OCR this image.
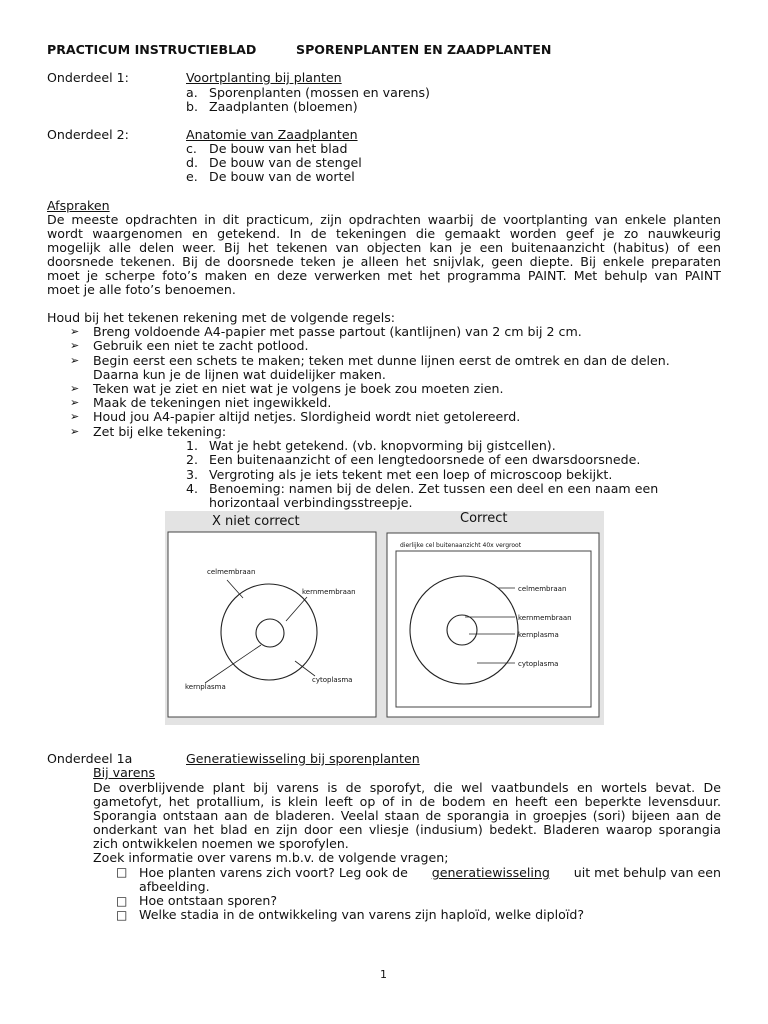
PRACTICUM INSTRUCTIEBLAD	SPORENPLANTEN EN ZAADPLANTEN
Onderdeel 1:	Voortplanting bij planten
a. Sporenplanten (mossen en varens)
b. Zaadplanten (bloemen)
Onderdeel 2:	Anatomie van Zaadplanten
c. De bouw van het blad
d. De bouw van de stengel
e. De bouw van de wortel
Afspraken
De meeste opdrachten in dit practicum, zijn opdrachten waarbij de voortplanting van enkele planten
wordt waargenomen en getekend. In de tekeningen die gemaakt worden geef je zo nauwkeurig
mogelijk alle delen weer. Bij het tekenen van objecten kan je een buitenaanzicht (habitus) of een
doorsnede tekenen. Bij de doorsnede teken je alleen het snijvlak, geen diepte. Bij enkele preparaten
moet je scherpe foto’s maken en deze verwerken met het programma PAINT. Met behulp van PAINT
moet je alle foto’s benoemen.
Houd bij het tekenen rekening met de volgende regels:
➢ Breng voldoende A4-papier met passe partout (kantlijnen) van 2 cm bij 2 cm.
➢ Gebruik een niet te zacht potlood.
➢ Begin eerst een schets te maken; teken met dunne lijnen eerst de omtrek en dan de delen.
Daarna kun je de lijnen wat duidelijker maken.
➢ Teken wat je ziet en niet wat je volgens je boek zou moeten zien.
➢ Maak de tekeningen niet ingewikkeld.
➢ Houd jou A4-papier altijd netjes. Slordigheid wordt niet getolereerd.
➢ Zet bij elke tekening:
1. Wat je hebt getekend. (vb. knopvorming bij gistcellen).
2. Een buitenaanzicht of een lengtedoorsnede of een dwarsdoorsnede.
3. Vergroting als je iets tekent met een loep of microscoop bekijkt.
4. Benoeming: namen bij de delen. Zet tussen een deel en een naam een
horizontaal verbindingsstreepje.
X niet correct
celmembraan
kernmembraan
kernplasma
cytoplasma
Correct
dierlijke cel buitenaanzicht 40x vergroot
celmembraan
kernmembraan
kernplasma
cytoplasma
Onderdeel 1a	Generatiewisseling bij sporenplanten
Bij varens
De overblijvende plant bij varens is de sporofyt, die wel vaatbundels en wortels bevat. De
gametofyt, het protallium, is klein leeft op of in de bodem en heeft een beperkte levensduur.
Sporangia ontstaan aan de bladeren. Veelal staan de sporangia in groepjes (sori) bijeen aan de
onderkant van het blad en zijn door een vliesje (indusium) bedekt. Bladeren waarop sporangia
zich ontwikkelen noemen we sporofylen.
Zoek informatie over varens m.b.v. de volgende vragen;
□ Hoe planten varens zich voort? Leg ook de generatiewisseling uit met behulp van een
afbeelding.
□ Hoe ontstaan sporen?
□ Welke stadia in de ontwikkeling van varens zijn haploïd, welke diploïd?
1
